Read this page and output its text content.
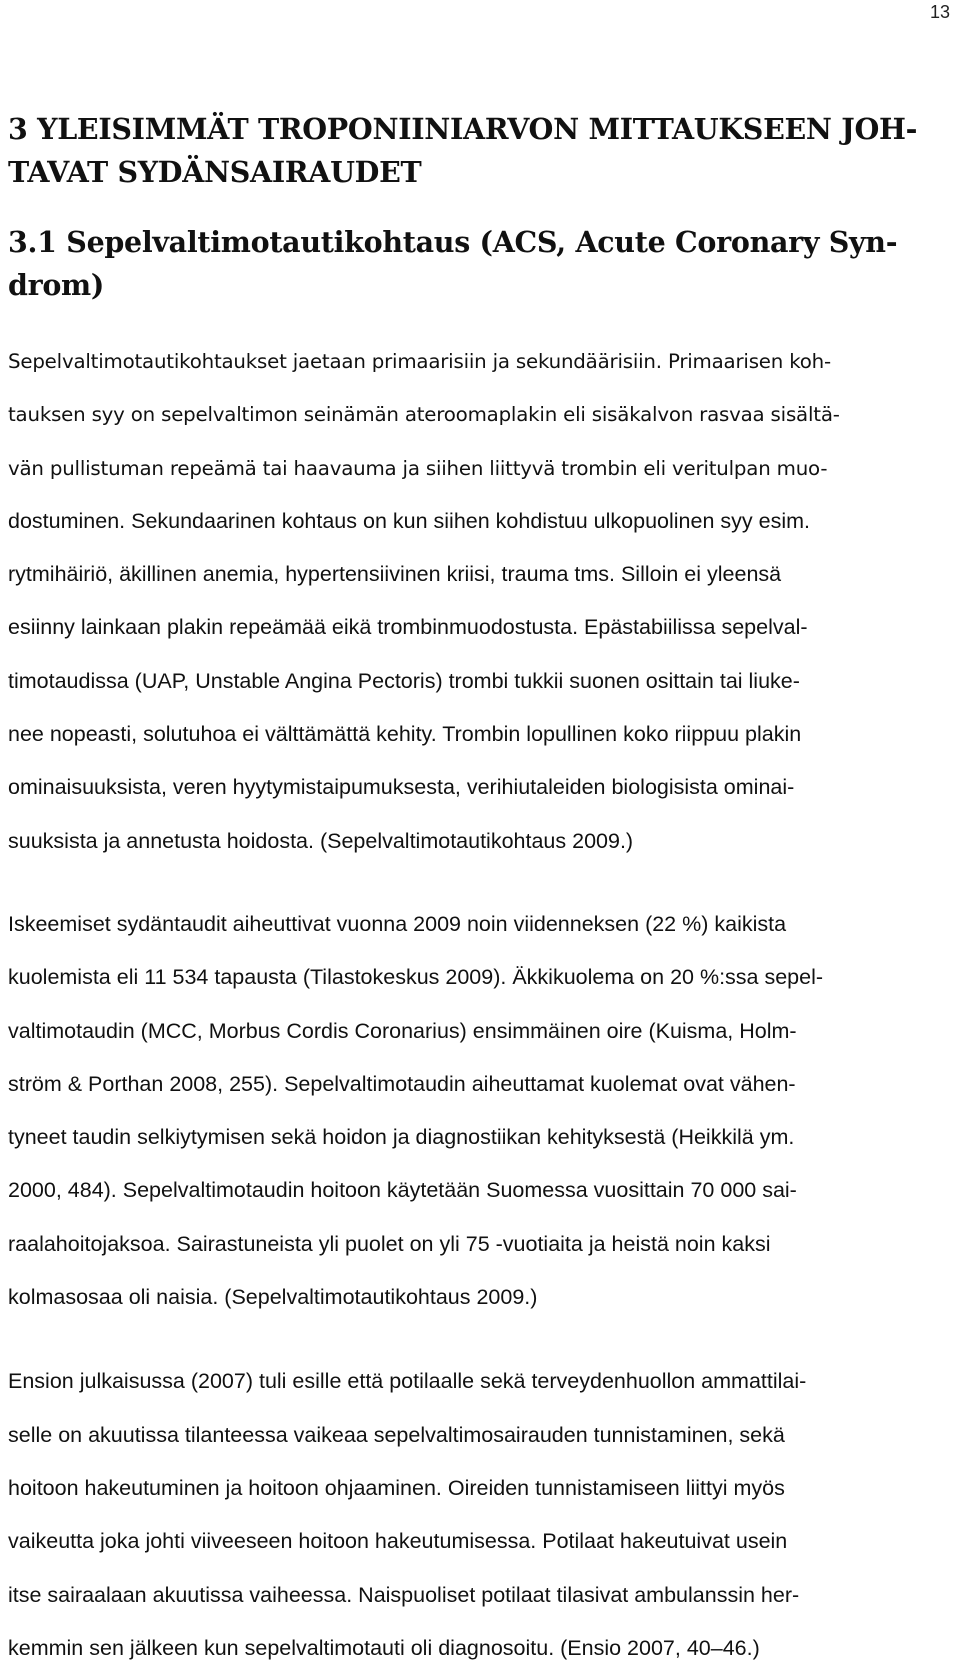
13
3 YLEISIMMÄT TROPONIINIARVON MITTAUKSEEN JOH-
TAVAT SYDÄNSAIRAUDET
3.1 Sepelvaltimotautikohtaus (ACS, Acute Coronary Syn-
drom)
Sepelvaltimotautikohtaukset jaetaan primaarisiin ja sekundäärisiin. Primaarisen koh-
tauksen syy on sepelvaltimon seinämän ateroomaplakin eli sisäkalvon rasvaa sisältä-
vän pullistuman repeämä tai haavauma ja siihen liittyvä trombin eli veritulpan muo-
dostuminen. Sekundaarinen kohtaus on kun siihen kohdistuu ulkopuolinen syy esim.
rytmihäiriö, äkillinen anemia, hypertensiivinen kriisi, trauma tms. Silloin ei yleensä
esiinny lainkaan plakin repeämää eikä trombinmuodostusta. Epästabiilissa sepelval-
timotaudissa (UAP, Unstable Angina Pectoris) trombi tukkii suonen osittain tai liuke-
nee nopeasti, solutuhoa ei välttämättä kehity. Trombin lopullinen koko riippuu plakin
ominaisuuksista, veren hyytymistaipumuksesta, verihiutaleiden biologisista ominai-
suuksista ja annetusta hoidosta. (Sepelvaltimotautikohtaus 2009.)
Iskeemiset sydäntaudit aiheuttivat vuonna 2009 noin viidenneksen (22 %) kaikista
kuolemista eli 11 534 tapausta (Tilastokeskus 2009). Äkkikuolema on 20 %:ssa sepel-
valtimotaudin (MCC, Morbus Cordis Coronarius) ensimmäinen oire (Kuisma, Holm-
ström & Porthan 2008, 255). Sepelvaltimotaudin aiheuttamat kuolemat ovat vähen-
tyneet taudin selkiytymisen sekä hoidon ja diagnostiikan kehityksestä (Heikkilä ym.
2000, 484). Sepelvaltimotaudin hoitoon käytetään Suomessa vuosittain 70 000 sai-
raalahoitojaksoa. Sairastuneista yli puolet on yli 75 -vuotiaita ja heistä noin kaksi
kolmasosaa oli naisia. (Sepelvaltimotautikohtaus 2009.)
Ension julkaisussa (2007) tuli esille että potilaalle sekä terveydenhuollon ammattilai-
selle on akuutissa tilanteessa vaikeaa sepelvaltimosairauden tunnistaminen, sekä
hoitoon hakeutuminen ja hoitoon ohjaaminen. Oireiden tunnistamiseen liittyi myös
vaikeutta joka johti viiveeseen hoitoon hakeutumisessa. Potilaat hakeutuivat usein
itse sairaalaan akuutissa vaiheessa. Naispuoliset potilaat tilasivat ambulanssin her-
kemmin sen jälkeen kun sepelvaltimotauti oli diagnosoitu. (Ensio 2007, 40–46.)
